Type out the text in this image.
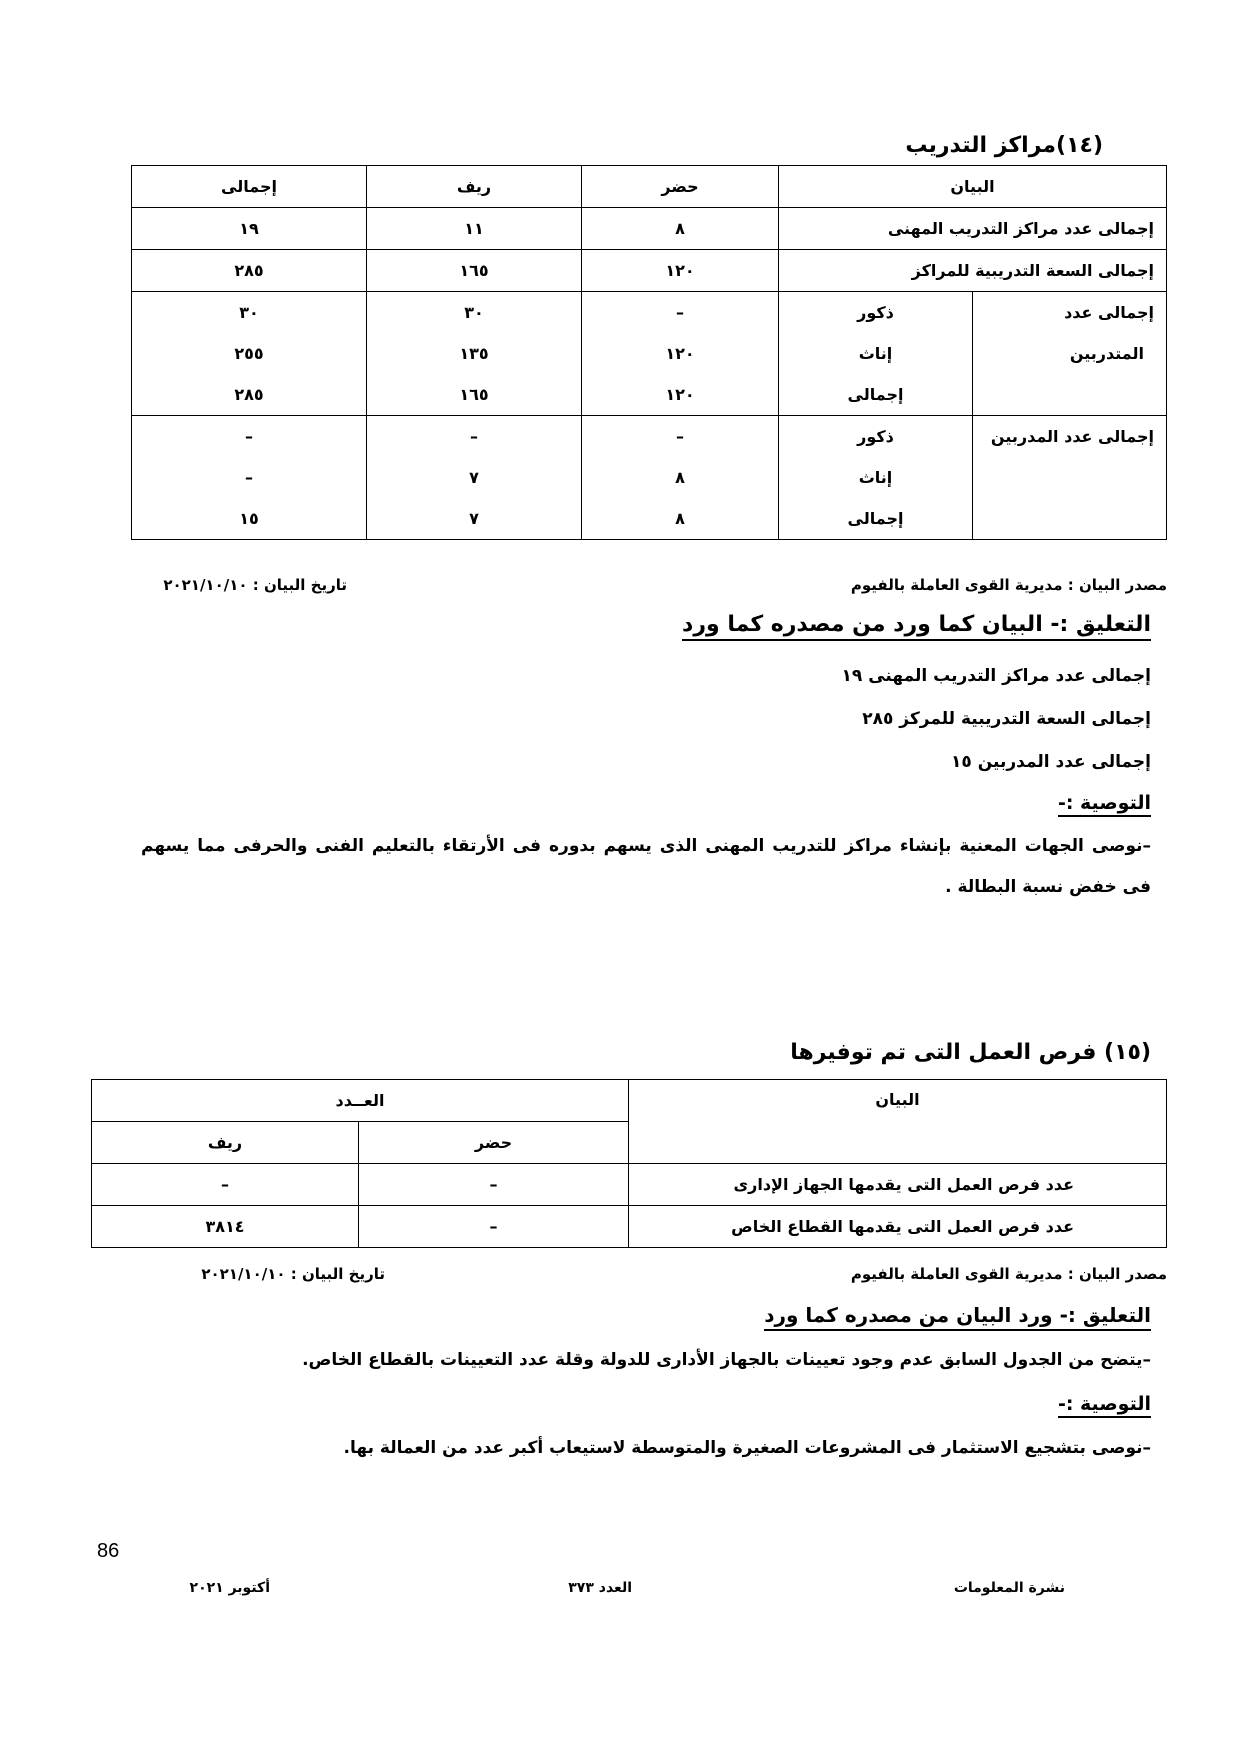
(١٤)مراكز التدريب
البيان		حضر	ريف	إجمالى
إجمالى عدد مراكز التدريب المهنى		٨	١١	١٩
إجمالى السعة التدريبية للمراكز		١٢٠	١٦٥	٢٨٥
إجمالى عدد	ذكور	–	٣٠	٣٠
المتدربين	إناث	١٢٠	١٣٥	٢٥٥
	إجمالى	١٢٠	١٦٥	٢٨٥
إجمالى عدد المدربين	ذكور	–	–	–
	إناث	٨	٧	–
	إجمالى	٨	٧	١٥
مصدر البيان : مديرية القوى العاملة بالفيوم
تاريخ البيان : ٢٠٢١/١٠/١٠
التعليق :- البيان كما ورد من مصدره كما ورد
إجمالى عدد مراكز التدريب المهنى ١٩
إجمالى السعة التدريبية للمركز ٢٨٥
إجمالى عدد المدربين ١٥
التوصية :-
–نوصى الجهات المعنية بإنشاء مراكز للتدريب المهنى الذى يسهم بدوره فى الأرتقاء بالتعليم الفنى والحرفى مما يسهم فى خفض نسبة البطالة .
(١٥) فرص العمل التى تم توفيرها
البيان	العــدد	
	حضر	ريف
عدد فرص العمل التى يقدمها الجهاز الإدارى	–	–
عدد فرص العمل التى يقدمها القطاع الخاص	–	٣٨١٤
مصدر البيان : مديرية القوى العاملة بالفيوم
تاريخ البيان : ٢٠٢١/١٠/١٠
التعليق :- ورد البيان من مصدره كما ورد
–يتضح من الجدول السابق عدم وجود تعيينات بالجهاز الأدارى للدولة وقلة عدد التعيينات بالقطاع الخاص.
التوصية :-
–نوصى بتشجيع الاستثمار فى المشروعات الصغيرة والمتوسطة لاستيعاب أكبر عدد من العمالة بها.
86
نشرة المعلومات
العدد ٣٧٣
أكتوبر ٢٠٢١
